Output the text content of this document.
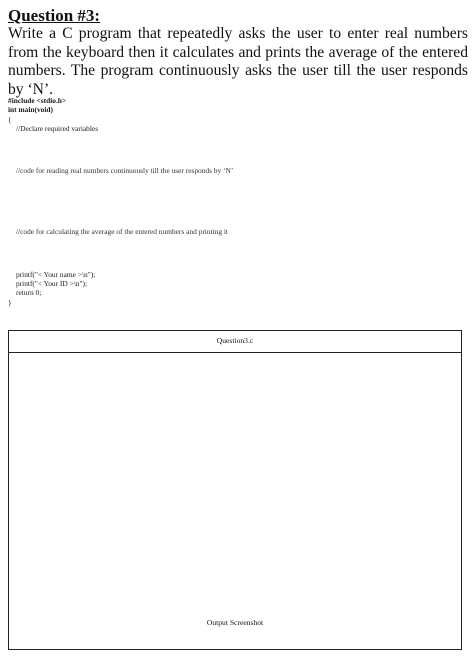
Question #3:
Write a C program that repeatedly asks the user to enter real numbers from the keyboard then it calculates and prints the average of the entered numbers. The program continuously asks the user till the user responds by ‘N’.
#include <stdio.h>
int main(void)
{
//Declare required variables
//code for reading real numbers continuously till the user responds by ‘N’
//code for calculating the average of the entered numbers and printing it
printf("< Your name >\n");
printf("< Your ID >\n");
return 0;
}
Question3.c
Output Screenshot
